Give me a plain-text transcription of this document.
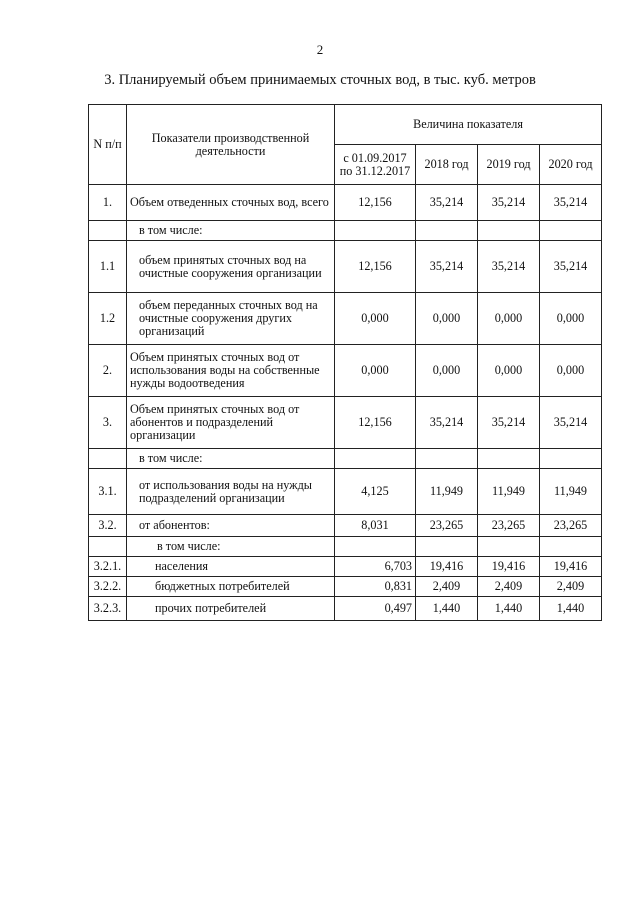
2
3. Планируемый объем принимаемых сточных вод, в тыс. куб. метров
N п/п	Показатели производственной деятельности	Величина показателя			
		с 01.09.2017 по 31.12.2017	2018 год	2019 год	2020 год
1.	Объем отведенных сточных вод, всего	12,156	35,214	35,214	35,214
	в том числе:				
1.1	объем принятых сточных вод на очистные сооружения организации	12,156	35,214	35,214	35,214
1.2	объем переданных сточных вод на очистные сооружения других организаций	0,000	0,000	0,000	0,000
2.	Объем принятых сточных вод от использования воды на собственные нужды водоотведения	0,000	0,000	0,000	0,000
3.	Объем принятых сточных вод от абонентов и подразделений организации	12,156	35,214	35,214	35,214
	в том числе:				
3.1.	от использования воды на нужды подразделений организации	4,125	11,949	11,949	11,949
3.2.	от абонентов:	8,031	23,265	23,265	23,265
	в том числе:				
3.2.1.	населения	6,703	19,416	19,416	19,416
3.2.2.	бюджетных потребителей	0,831	2,409	2,409	2,409
3.2.3.	прочих потребителей	0,497	1,440	1,440	1,440
